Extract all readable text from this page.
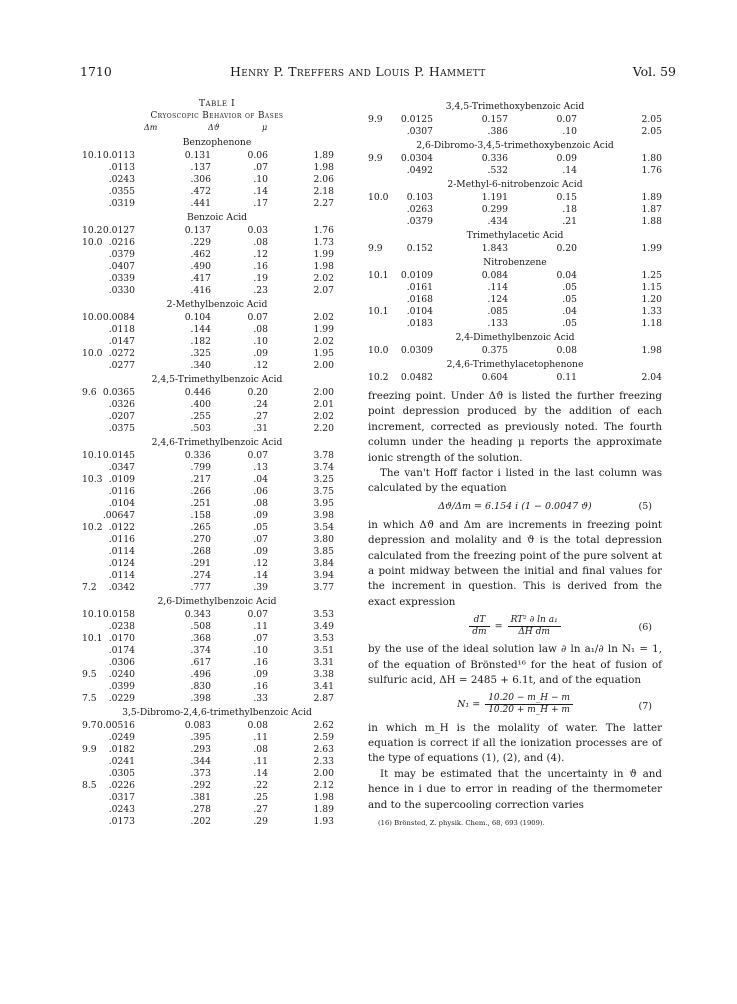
1710	Henry P. Treffers and Louis P. Hammett	Vol. 59
Table I
Cryoscopic Behavior of Bases
Δm	Δϑ	μ
Benzophenone
10.1 0.0113	0.131	0.06	1.89
.0113	.137	.07	1.98
.0243	.306	.10	2.06
.0355	.472	.14	2.18
.0319	.441	.17	2.27
Benzoic Acid
10.2 0.0127	0.137	0.03	1.76
10.0 .0216	.229	.08	1.73
.0379	.462	.12	1.99
.0407	.490	.16	1.98
.0339	.417	.19	2.02
.0330	.416	.23	2.07
2-Methylbenzoic Acid
10.0 0.0084	0.104	0.07	2.02
.0118	.144	.08	1.99
.0147	.182	.10	2.02
10.0 .0272	.325	.09	1.95
.0277	.340	.12	2.00
2,4,5-Trimethylbenzoic Acid
9.6 0.0365	0.446	0.20	2.00
.0326	.400	.24	2.01
.0207	.255	.27	2.02
.0375	.503	.31	2.20
2,4,6-Trimethylbenzoic Acid
10.1 0.0145	0.336	0.07	3.78
.0347	.799	.13	3.74
10.3 .0109	.217	.04	3.25
.0116	.266	.06	3.75
.0104	.251	.08	3.95
.00647	.158	.09	3.98
10.2 .0122	.265	.05	3.54
.0116	.270	.07	3.80
.0114	.268	.09	3.85
.0124	.291	.12	3.84
.0114	.274	.14	3.94
7.2 .0342	.777	.39	3.77
2,6-Dimethylbenzoic Acid
10.1 0.0158	0.343	0.07	3.53
.0238	.508	.11	3.49
10.1 .0170	.368	.07	3.53
.0174	.374	.10	3.51
.0306	.617	.16	3.31
9.5 .0240	.496	.09	3.38
.0399	.830	.16	3.41
7.5 .0229	.398	.33	2.87
3,5-Dibromo-2,4,6-trimethylbenzoic Acid
9.7 0.00516	0.083	0.08	2.62
.0249	.395	.11	2.59
9.9 .0182	.293	.08	2.63
.0241	.344	.11	2.33
.0305	.373	.14	2.00
8.5 .0226	.292	.22	2.12
.0317	.381	.25	1.98
.0243	.278	.27	1.89
.0173	.202	.29	1.93
3,4,5-Trimethoxybenzoic Acid
9.9 0.0125	0.157	0.07	2.05
.0307	.386	.10	2.05
2,6-Dibromo-3,4,5-trimethoxybenzoic Acid
9.9 0.0304	0.336	0.09	1.80
.0492	.532	.14	1.76
2-Methyl-6-nitrobenzoic Acid
10.0 0.103	1.191	0.15	1.89
.0263	0.299	.18	1.87
.0379	.434	.21	1.88
Trimethylacetic Acid
9.9	0.152	1.843	0.20	1.99
Nitrobenzene
10.1 0.0109	0.084	0.04	1.25
.0161	.114	.05	1.15
.0168	.124	.05	1.20
10.1 .0104	.085	.04	1.33
.0183	.133	.05	1.18
2,4-Dimethylbenzoic Acid
10.0 0.0309	0.375	0.08	1.98
2,4,6-Trimethylacetophenone
10.2 0.0482	0.604	0.11	2.04

freezing point. Under Δϑ is listed the further freezing point depression produced by the addition of each increment, corrected as previously noted. The fourth column under the heading μ reports the approximate ionic strength of the solution.

The van't Hoff factor i listed in the last column was calculated by the equation

Δϑ/Δm = 6.154 i (1 − 0.0047 ϑ)	(5)

in which Δϑ and Δm are increments in freezing point depression and molality and ϑ is the total depression calculated from the freezing point of the pure solvent at a point midway between the initial and final values for the increment in question. This is derived from the exact expression

$\frac{dT}{dm} = \frac{\text{RT² ∂ ln a₁}}{\text{ΔH dm}}$	(6)

by the use of the ideal solution law ∂ ln a₁/∂ ln N₁ = 1, of the equation of Brönsted¹⁶ for the heat of fusion of sulfuric acid, ΔH = 2485 + 6.1t, and of the equation

$N_1 = \frac{10.20 - m\_H - m}{10.20 + m\_H + m}$	(7)

in which m_H is the molality of water. The latter equation is correct if all the ionization processes are of the type of equations (1), (2), and (4).

It may be estimated that the uncertainty in ϑ and hence in i due to error in reading of the thermometer and to the supercooling correction varies

(16) Brönsted, Z. physik. Chem., 68, 693 (1909).
